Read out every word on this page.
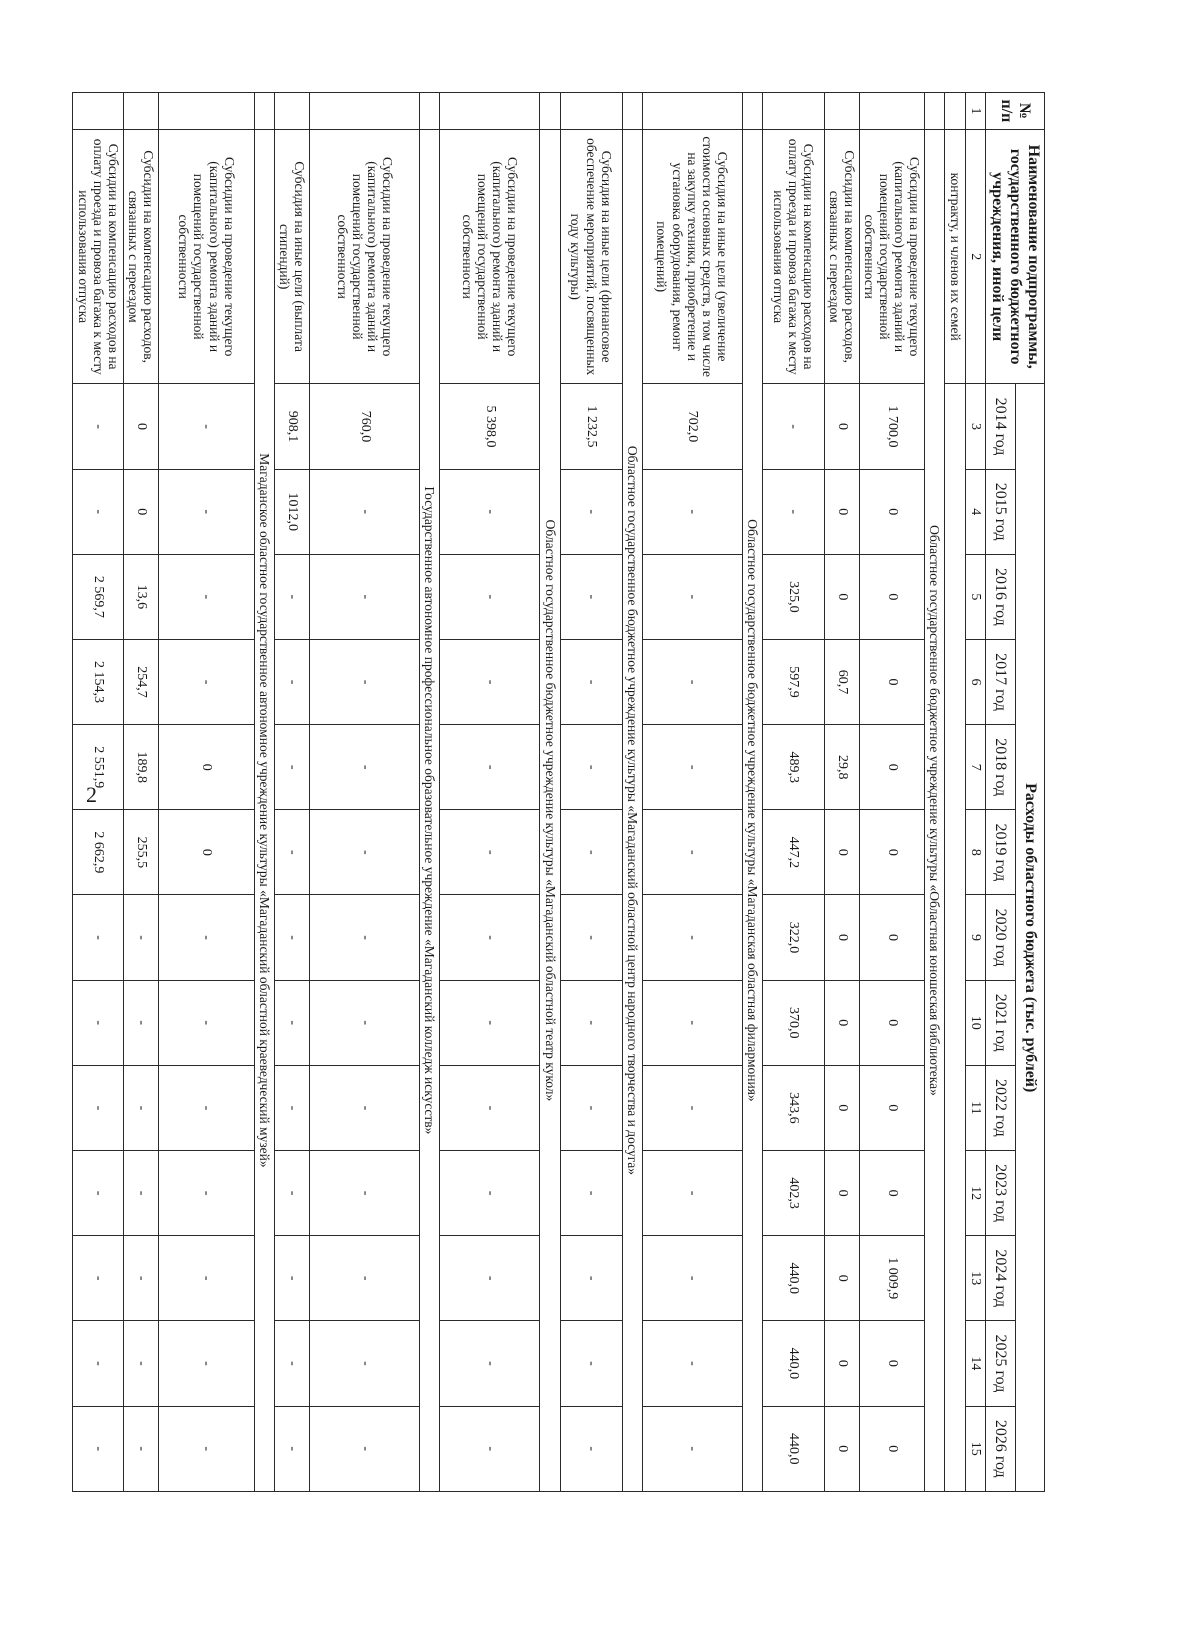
2
№ п/п	Наименование подпрограммы, государственного бюджетного учреждения, иной цели	Расходы областного бюджета (тыс. рублей)												
		2014 год	2015 год	2016 год	2017 год	2018 год	2019 год	2020 год	2021 год	2022 год	2023 год	2024 год	2025 год	2026 год
1	2	3	4	5	6	7	8	9	10	11	12	13	14	15
	контракту, и членов их семей													
	Областное государственное бюджетное учреждение культуры «Областная юношеская библиотека»													
	Субсидии на проведение текущего (капитального) ремонта зданий и помещений государственной собственности	1 700,0	0	0	0	0	0	0	0	0	0	1 009,9	0	0
	Субсидии на компенсацию расходов, связанных с переездом	0	0	0	60,7	29,8	0	0	0	0	0	0	0	0
	Субсидии на компенсацию расходов на оплату проезда и провоза багажа к месту использования отпуска	-	-	325,0	597,9	489,3	447,2	322,0	370,0	343,6	402,3	440,0	440,0	440,0
	Областное государственное бюджетное учреждение культуры «Магаданская областная филармония»													
	Субсидия на иные цели (увеличение стоимости основных средств, в том числе на закупку техники, приобретение и установка оборудования, ремонт помещений)	702,0	-	-	-	-	-	-	-	-	-	-	-	-
	Областное государственное бюджетное учреждение культуры «Магаданский областной центр народного творчества и досуга»													
	Субсидия на иные цели (финансовое обеспечение мероприятий, посвященных году культуры)	1 232,5	-	-	-	-	-	-	-	-	-	-	-	-
	Областное государственное бюджетное учреждение культуры «Магаданский областной театр кукол»													
	Субсидии на проведение текущего (капитального) ремонта зданий и помещений государственной собственности	5 398,0	-	-	-	-	-	-	-	-	-	-	-	-
	Государственное автономное профессиональное образовательное учреждение «Магаданский колледж искусств»													
	Субсидии на проведение текущего (капитального) ремонта зданий и помещений государственной собственности	760,0	-	-	-	-	-	-	-	-	-	-	-	-
	Субсидия на иные цели (выплата стипендий)	908,1	1012,0	-	-	-	-	-	-	-	-	-	-	-
	Магаданское областное государственное автономное учреждение культуры «Магаданский областной краеведческий музей»													
	Субсидии на проведение текущего (капитального) ремонта зданий и помещений государственной собственности	-	-	-	-	0	0	-	-	-	-	-	-	-
	Субсидии на компенсацию расходов, связанных с переездом	0	0	13,6	254,7	189,8	255,5	-	-	-	-	-	-	-
	Субсидии на компенсацию расходов на оплату проезда и провоза багажа к месту использования отпуска	-	-	2 569,7	2 154,3	2 551,9	2 662,9	-	-	-	-	-	-	-
